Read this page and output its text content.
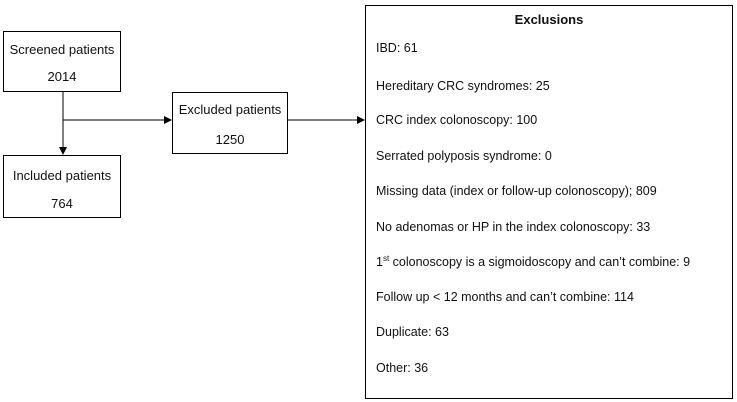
Screened patients
2014
Included patients
764
Excluded patients
1250
Exclusions
IBD: 61
Hereditary CRC syndromes: 25
CRC index colonoscopy: 100
Serrated polyposis syndrome: 0
Missing data (index or follow-up colonoscopy); 809
No adenomas or HP in the index colonoscopy: 33
1st colonoscopy is a sigmoidoscopy and can’t combine: 9
Follow up < 12 months and can’t combine: 114
Duplicate: 63
Other: 36
